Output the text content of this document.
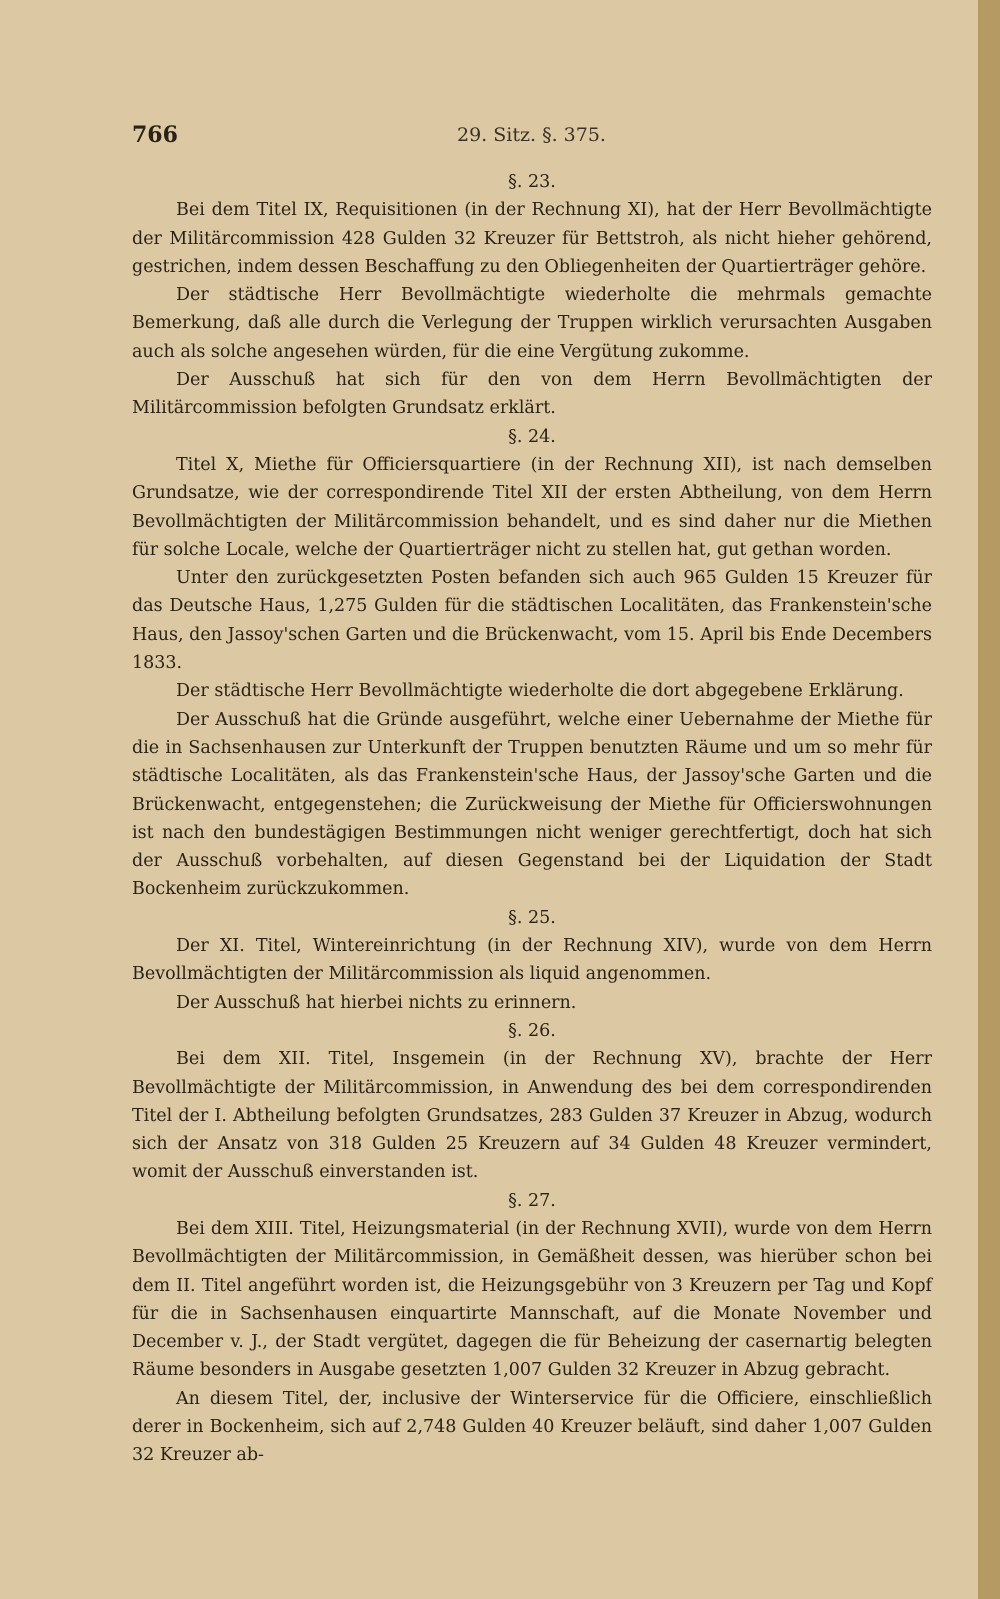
766	29. Sitz. §. 375.

§. 23.

Bei dem Titel IX, Requisitionen (in der Rechnung XI), hat der Herr Bevollmächtigte der Militärcommission 428 Gulden 32 Kreuzer für Bettstroh, als nicht hieher gehörend, gestrichen, indem dessen Beschaffung zu den Obliegenheiten der Quartierträger gehöre.

Der städtische Herr Bevollmächtigte wiederholte die mehrmals gemachte Bemerkung, daß alle durch die Verlegung der Truppen wirklich verursachten Ausgaben auch als solche angesehen würden, für die eine Vergütung zukomme.

Der Ausschuß hat sich für den von dem Herrn Bevollmächtigten der Militärcommission befolgten Grundsatz erklärt.

§. 24.

Titel X, Miethe für Officiersquartiere (in der Rechnung XII), ist nach demselben Grundsatze, wie der correspondirende Titel XII der ersten Abtheilung, von dem Herrn Bevollmächtigten der Militärcommission behandelt, und es sind daher nur die Miethen für solche Locale, welche der Quartierträger nicht zu stellen hat, gut gethan worden.

Unter den zurückgesetzten Posten befanden sich auch 965 Gulden 15 Kreuzer für das Deutsche Haus, 1,275 Gulden für die städtischen Localitäten, das Frankenstein'sche Haus, den Jassoy'schen Garten und die Brückenwacht, vom 15. April bis Ende Decembers 1833.

Der städtische Herr Bevollmächtigte wiederholte die dort abgegebene Erklärung.

Der Ausschuß hat die Gründe ausgeführt, welche einer Uebernahme der Miethe für die in Sachsenhausen zur Unterkunft der Truppen benutzten Räume und um so mehr für städtische Localitäten, als das Frankenstein'sche Haus, der Jassoy'sche Garten und die Brückenwacht, entgegenstehen; die Zurückweisung der Miethe für Officierswohnungen ist nach den bundestägigen Bestimmungen nicht weniger gerechtfertigt, doch hat sich der Ausschuß vorbehalten, auf diesen Gegenstand bei der Liquidation der Stadt Bockenheim zurückzukommen.

§. 25.

Der XI. Titel, Wintereinrichtung (in der Rechnung XIV), wurde von dem Herrn Bevollmächtigten der Militärcommission als liquid angenommen.

Der Ausschuß hat hierbei nichts zu erinnern.

§. 26.

Bei dem XII. Titel, Insgemein (in der Rechnung XV), brachte der Herr Bevollmächtigte der Militärcommission, in Anwendung des bei dem correspondirenden Titel der I. Abtheilung befolgten Grundsatzes, 283 Gulden 37 Kreuzer in Abzug, wodurch sich der Ansatz von 318 Gulden 25 Kreuzern auf 34 Gulden 48 Kreuzer vermindert, womit der Ausschuß einverstanden ist.

§. 27.

Bei dem XIII. Titel, Heizungsmaterial (in der Rechnung XVII), wurde von dem Herrn Bevollmächtigten der Militärcommission, in Gemäßheit dessen, was hierüber schon bei dem II. Titel angeführt worden ist, die Heizungsgebühr von 3 Kreuzern per Tag und Kopf für die in Sachsenhausen einquartirte Mannschaft, auf die Monate November und December v. J., der Stadt vergütet, dagegen die für Beheizung der casernartig belegten Räume besonders in Ausgabe gesetzten 1,007 Gulden 32 Kreuzer in Abzug gebracht.

An diesem Titel, der, inclusive der Winterservice für die Officiere, einschließlich derer in Bockenheim, sich auf 2,748 Gulden 40 Kreuzer beläuft, sind daher 1,007 Gulden 32 Kreuzer ab-
